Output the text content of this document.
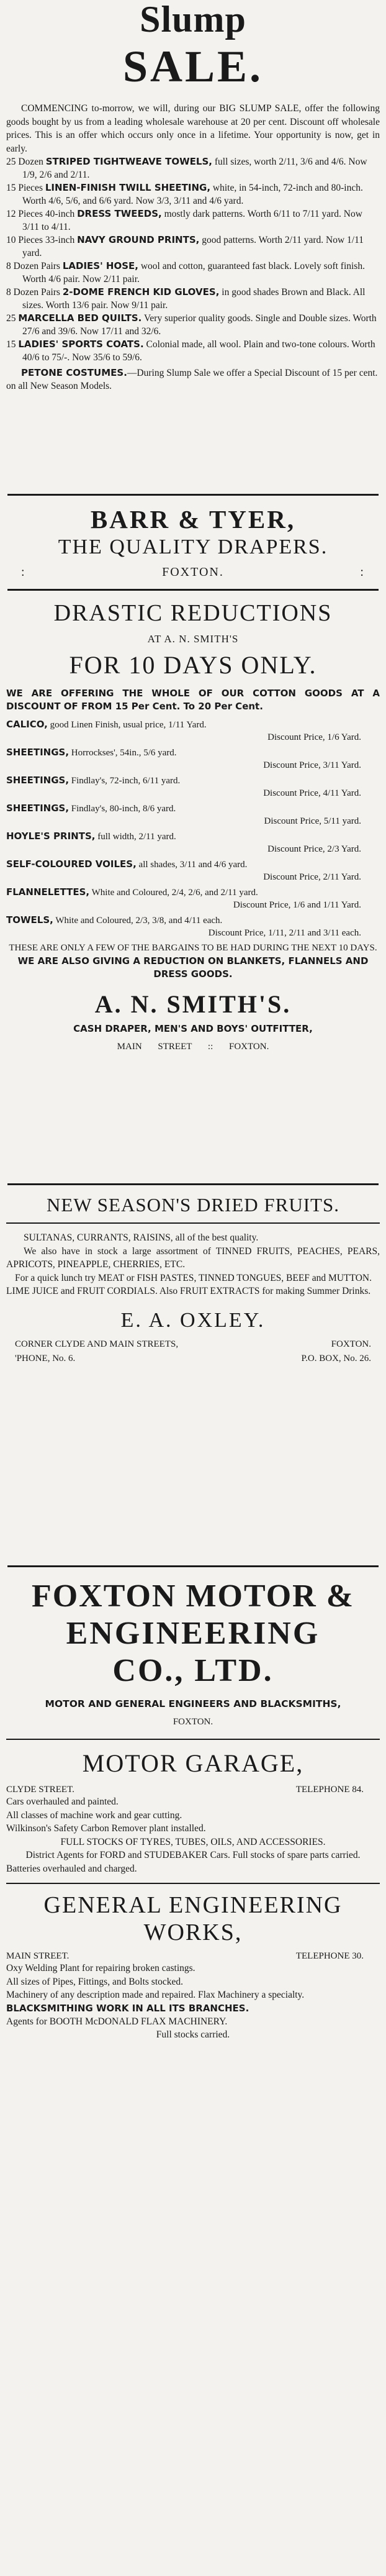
Slump
SALE.
COMMENCING to-morrow, we will, during our BIG SLUMP SALE, offer the following goods bought by us from a leading wholesale warehouse at 20 per cent. Discount off wholesale prices. This is an offer which occurs only once in a lifetime. Your opportunity is now, get in early.

25 Dozen STRIPED TIGHTWEAVE TOWELS, full sizes, worth 2/11, 3/6 and 4/6. Now 1/9, 2/6 and 2/11.

15 Pieces LINEN-FINISH TWILL SHEETING, white, in 54-inch, 72-inch and 80-inch. Worth 4/6, 5/6, and 6/6 yard. Now 3/3, 3/11 and 4/6 yard.

12 Pieces 40-inch DRESS TWEEDS, mostly dark patterns. Worth 6/11 to 7/11 yard. Now 3/11 to 4/11.

10 Pieces 33-inch NAVY GROUND PRINTS, good patterns. Worth 2/11 yard. Now 1/11 yard.

8 Dozen Pairs LADIES' HOSE, wool and cotton, guaranteed fast black. Lovely soft finish. Worth 4/6 pair. Now 2/11 pair.

8 Dozen Pairs 2-DOME FRENCH KID GLOVES, in good shades Brown and Black. All sizes. Worth 13/6 pair. Now 9/11 pair.

25 MARCELLA BED QUILTS. Very superior quality goods. Single and Double sizes. Worth 27/6 and 39/6. Now 17/11 and 32/6.

15 LADIES' SPORTS COATS. Colonial made, all wool. Plain and two-tone colours. Worth 40/6 to 75/-. Now 35/6 to 59/6.

PETONE COSTUMES.—During Slump Sale we offer a Special Discount of 15 per cent. on all New Season Models.

BARR & TYER,
THE QUALITY DRAPERS.
:	FOXTON.	:
DRASTIC REDUCTIONS
AT A. N. SMITH'S
FOR 10 DAYS ONLY.
WE ARE OFFERING THE WHOLE OF OUR COTTON GOODS AT A DISCOUNT OF FROM 15 Per Cent. To 20 Per Cent.
CALICO, good Linen Finish, usual price, 1/11 Yard.
Discount Price, 1/6 Yard.
SHEETINGS, Horrockses', 54in., 5/6 yard.
Discount Price, 3/11 Yard.
SHEETINGS, Findlay's, 72-inch, 6/11 yard.
Discount Price, 4/11 Yard.
SHEETINGS, Findlay's, 80-inch, 8/6 yard.
Discount Price, 5/11 yard.
HOYLE'S PRINTS, full width, 2/11 yard.
Discount Price, 2/3 Yard.
SELF-COLOURED VOILES, all shades, 3/11 and 4/6 yard.
Discount Price, 2/11 Yard.
FLANNELETTES, White and Coloured, 2/4, 2/6, and 2/11 yard.
Discount Price, 1/6 and 1/11 Yard.
TOWELS, White and Coloured, 2/3, 3/8, and 4/11 each.
Discount Price, 1/11, 2/11 and 3/11 each.
THESE ARE ONLY A FEW OF THE BARGAINS TO BE HAD DURING THE NEXT 10 DAYS.
WE ARE ALSO GIVING A REDUCTION ON BLANKETS, FLANNELS AND DRESS GOODS.
A. N. SMITH'S.
CASH DRAPER, MEN'S AND BOYS' OUTFITTER,
MAIN STREET :: FOXTON.
NEW SEASON'S DRIED FRUITS.
SULTANAS, CURRANTS, RAISINS, all of the best quality.
We also have in stock a large assortment of TINNED FRUITS, PEACHES, PEARS, APRICOTS, PINEAPPLE, CHERRIES, ETC.
For a quick lunch try MEAT or FISH PASTES, TINNED TONGUES, BEEF and MUTTON.
LIME JUICE and FRUIT CORDIALS. Also FRUIT EXTRACTS for making Summer Drinks.
E. A. OXLEY.
CORNER CLYDE AND MAIN STREETS,	FOXTON.
'PHONE, No. 6.	P.O. BOX, No. 26.
FOXTON MOTOR &
ENGINEERING
CO., LTD.
MOTOR AND GENERAL ENGINEERS AND BLACKSMITHS,
FOXTON.
MOTOR GARAGE,
CLYDE STREET.	TELEPHONE 84.
Cars overhauled and painted.
All classes of machine work and gear cutting.
Wilkinson's Safety Carbon Remover plant installed.
FULL STOCKS OF TYRES, TUBES, OILS, AND ACCESSORIES.
District Agents for FORD and STUDEBAKER Cars. Full stocks of spare parts carried.
Batteries overhauled and charged.
GENERAL ENGINEERING
WORKS,
MAIN STREET.	TELEPHONE 30.
Oxy Welding Plant for repairing broken castings.
All sizes of Pipes, Fittings, and Bolts stocked.
Machinery of any description made and repaired. Flax Machinery a specialty.
BLACKSMITHING WORK IN ALL ITS BRANCHES.
Agents for BOOTH McDONALD FLAX MACHINERY.
Full stocks carried.
